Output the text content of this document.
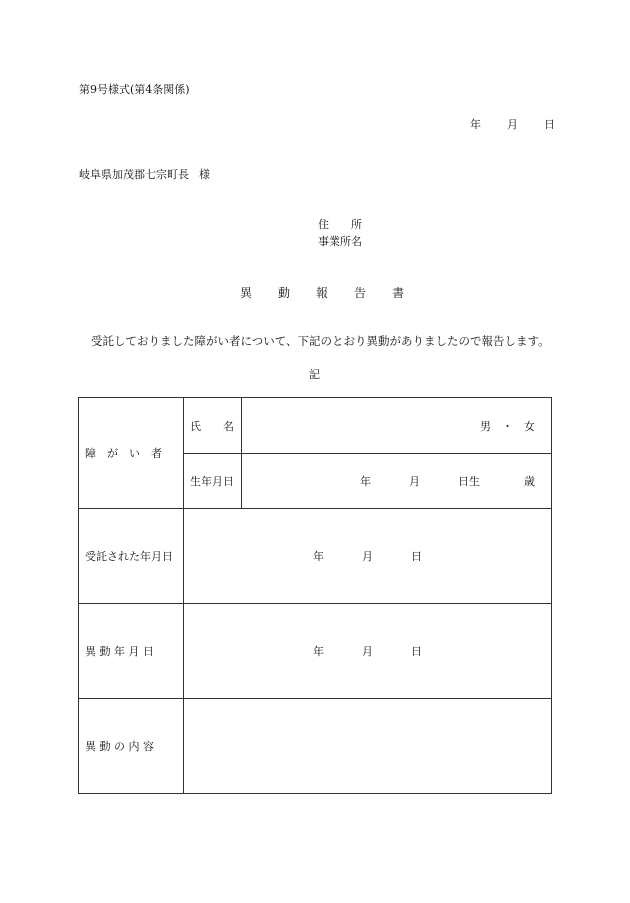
第9号様式(第4条関係)
年 月 日
岐阜県加茂郡七宗町長 様
住　　所
事業所名
異 動 報 告 書
受託しておりました障がい者について、下記のとおり異動がありましたので報告します。
記
障　が　い　者	氏　　名	男　・　女
	生年月日	年 月 日生 歳
受託された年月日	年 月 日	
異 動 年 月 日	年 月 日	
異 動 の 内 容		
